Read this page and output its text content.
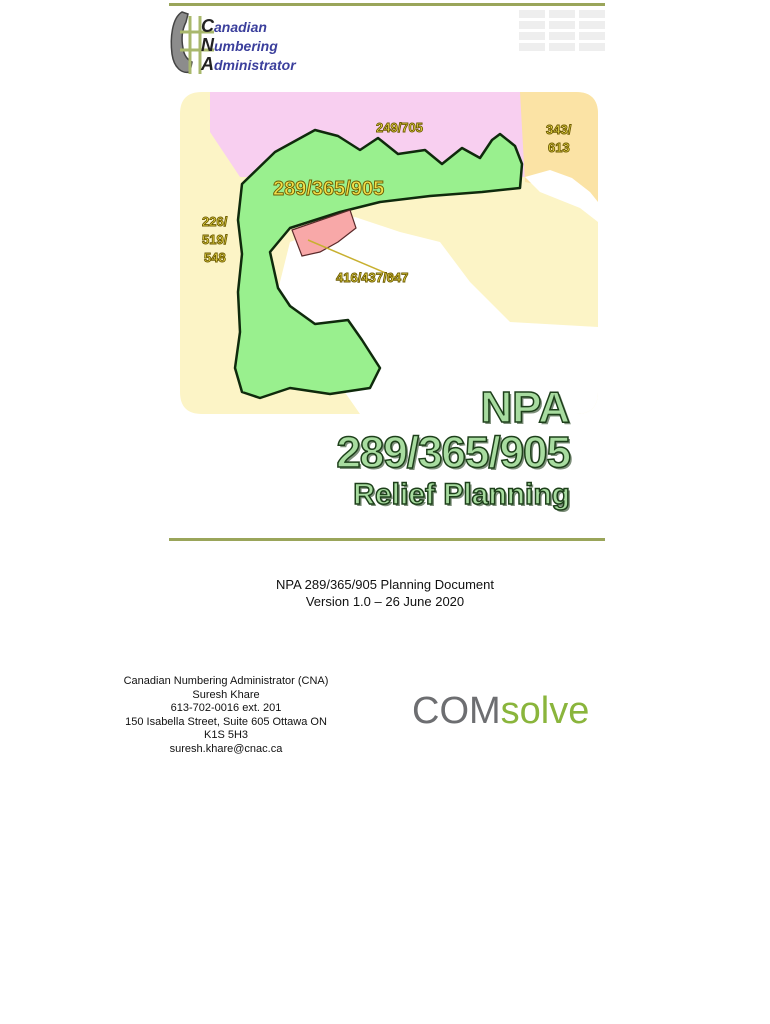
Canadian
Numbering
Administrator
249/705	343/
613
289/365/905
226/
519/
548
416/437/647
NPA
289/365/905
Relief Planning
NPA 289/365/905 Planning Document
Version 1.0 – 26 June 2020
Canadian Numbering Administrator (CNA)
Suresh Khare
613-702-0016 ext. 201
150 Isabella Street, Suite 605 Ottawa ON
K1S 5H3
suresh.khare@cnac.ca
COMsolve
